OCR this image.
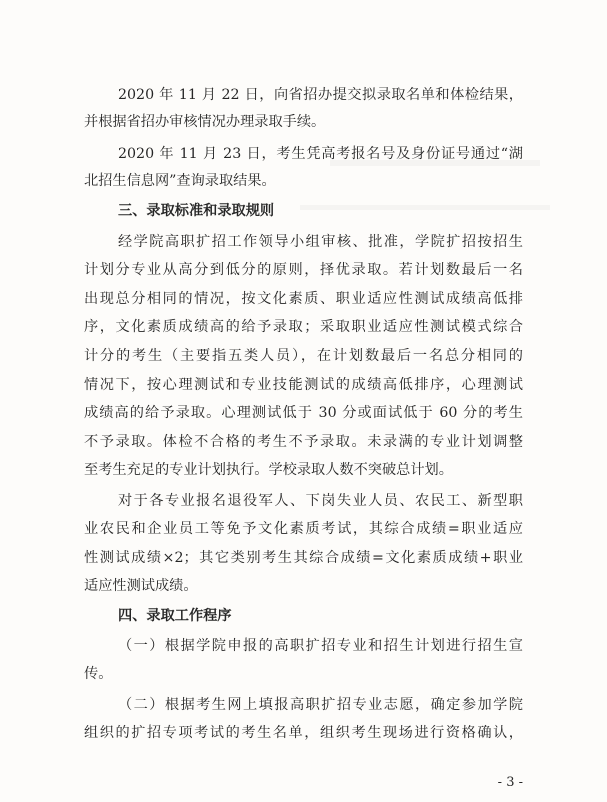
2020 年 11 月 22 日，向省招办提交拟录取名单和体检结果，
并根据省招办审核情况办理录取手续。
2020 年 11 月 23 日，考生凭高考报名号及身份证号通过“湖
北招生信息网”查询录取结果。
三、录取标准和录取规则
经学院高职扩招工作领导小组审核、批准，学院扩招按招生
计划分专业从高分到低分的原则，择优录取。若计划数最后一名
出现总分相同的情况，按文化素质、职业适应性测试成绩高低排
序，文化素质成绩高的给予录取；采取职业适应性测试模式综合
计分的考生（主要指五类人员），在计划数最后一名总分相同的
情况下，按心理测试和专业技能测试的成绩高低排序，心理测试
成绩高的给予录取。心理测试低于 30 分或面试低于 60 分的考生
不予录取。体检不合格的考生不予录取。未录满的专业计划调整
至考生充足的专业计划执行。学校录取人数不突破总计划。
对于各专业报名退役军人、下岗失业人员、农民工、新型职
业农民和企业员工等免予文化素质考试，其综合成绩=职业适应
性测试成绩×2；其它类别考生其综合成绩=文化素质成绩+职业
适应性测试成绩。
四、录取工作程序
（一）根据学院申报的高职扩招专业和招生计划进行招生宣
传。
（二）根据考生网上填报高职扩招专业志愿，确定参加学院
组织的扩招专项考试的考生名单，组织考生现场进行资格确认，
- 3 -
